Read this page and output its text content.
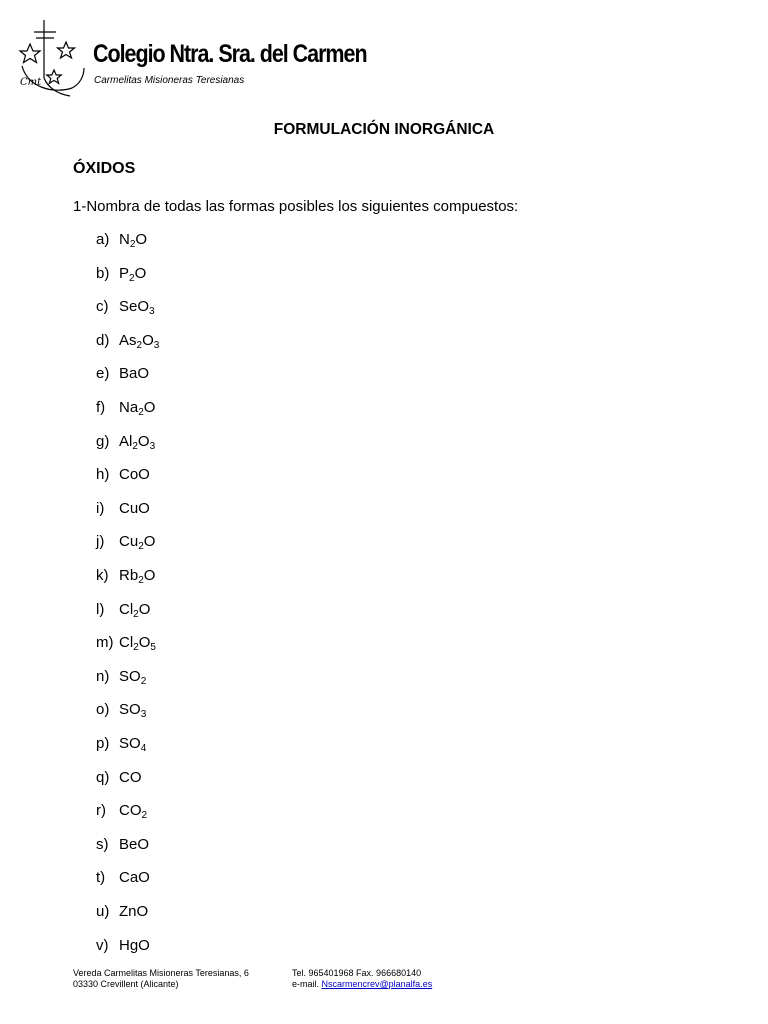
Cmt
Colegio Ntra. Sra. del Carmen
Carmelitas Misioneras Teresianas
FORMULACIÓN INORGÁNICA
ÓXIDOS
1-Nombra de todas las formas posibles los siguientes compuestos:
a) $N_2O$
b) $P_2O$
c) SeO$_3$
d) $As_2O_3$
e) BaO
f) $Na_2O$
g) $Al_2O_3$
h) CoO
i) CuO
j) $Cu_2O$
k) $Rb_2O$
l) $Cl_2O$
m) $Cl_2O_5$
n) $SO_2$
o) $SO_3$
p) $SO_4$
q) CO
r) $CO_2$
s) BeO
t) CaO
u) ZnO
v) HgO
Vereda Carmelitas Misioneras Teresianas, 6
03330 Crevillent (Alicante)
Tel. 965401968 Fax. 966680140
e-mail. Nscarmencrev@planalfa.es
